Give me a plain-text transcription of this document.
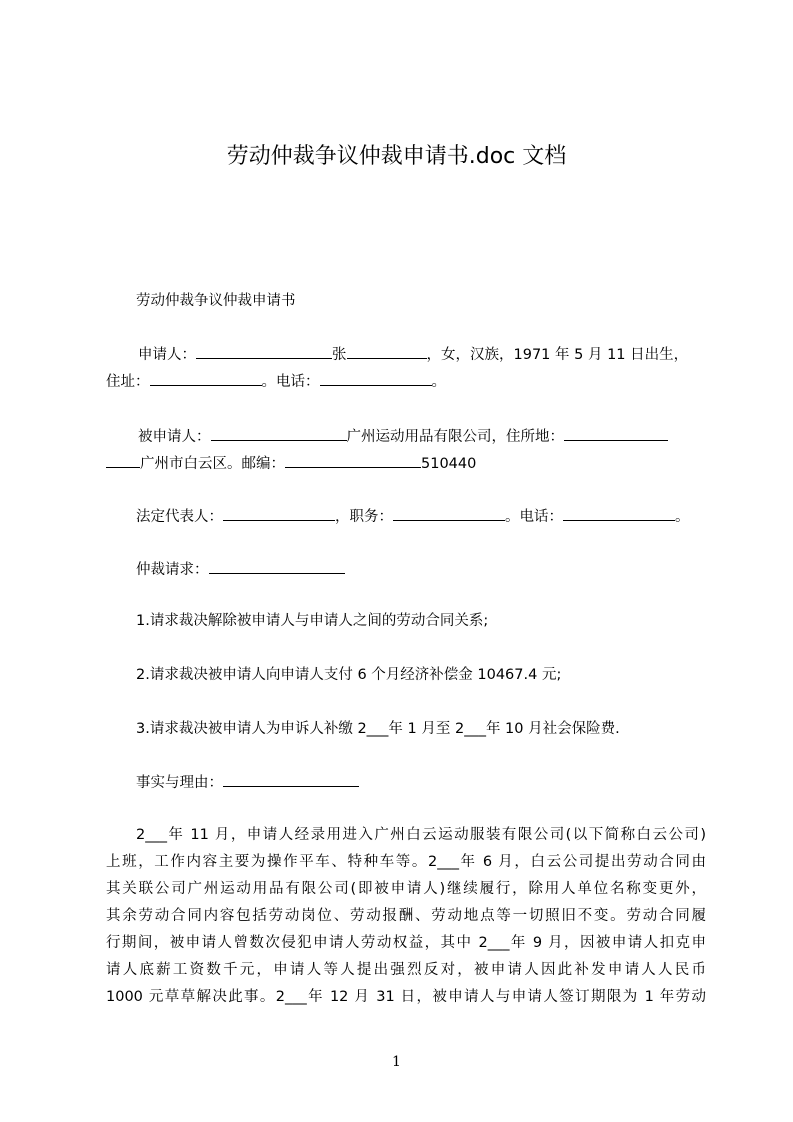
劳动仲裁争议仲裁申请书.doc 文档
劳动仲裁争议仲裁申请书
申请人：	张	，女，汉族，1971 年 5 月 11 日出生，
住址：	。电话：	。
被申请人：	广州运动用品有限公司，住所地：
广州市白云区。邮编：	510440
法定代表人：	，职务：	。电话：	。
仲裁请求：
1.请求裁决解除被申请人与申请人之间的劳动合同关系;
2.请求裁决被申请人向申请人支付 6 个月经济补偿金 10467.4 元;
3.请求裁决被申请人为申诉人补缴 2___年 1 月至 2___年 10 月社会保险费.
事实与理由：
2___年 11 月，申请人经录用进入广州白云运动服装有限公司(以下简称白云公司)
上班，工作内容主要为操作平车、特种车等。2___年 6 月，白云公司提出劳动合同由
其关联公司广州运动用品有限公司(即被申请人)继续履行，除用人单位名称变更外，
其余劳动合同内容包括劳动岗位、劳动报酬、劳动地点等一切照旧不变。劳动合同履
行期间，被申请人曾数次侵犯申请人劳动权益，其中 2___年 9 月，因被申请人扣克申
请人底薪工资数千元，申请人等人提出强烈反对，被申请人因此补发申请人人民币
1000 元草草解决此事。2___年 12 月 31 日，被申请人与申请人签订期限为 1 年劳动
1
